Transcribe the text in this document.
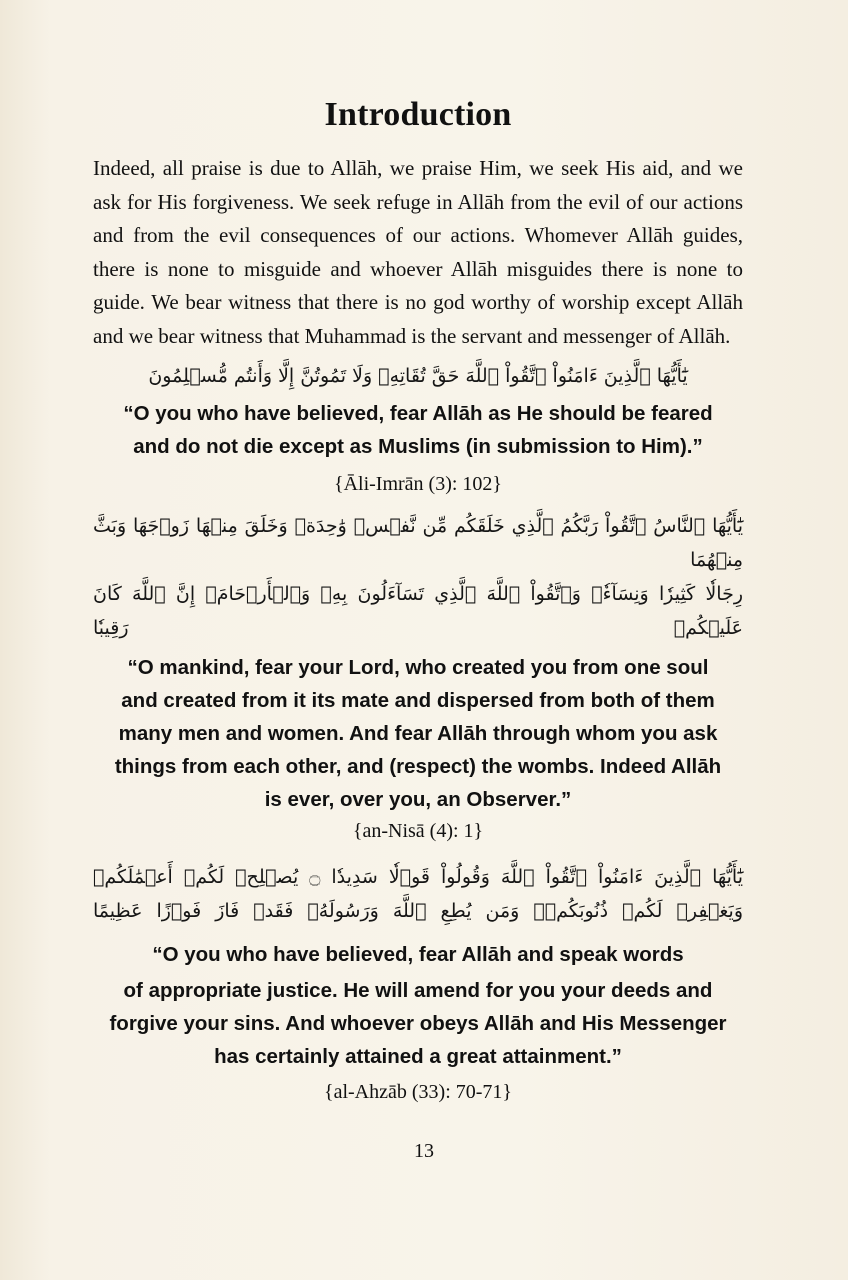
Introduction

Indeed, all praise is due to Allāh, we praise Him, we seek His aid, and we ask for His forgiveness. We seek refuge in Allāh from the evil of our actions and from the evil consequences of our actions. Whomever Allāh guides, there is none to misguide and whoever Allāh misguides there is none to guide. We bear witness that there is no god worthy of worship except Allāh and we bear witness that Muhammad is the servant and messenger of Allāh.

يَٰٓأَيُّهَا ٱلَّذِينَ ءَامَنُواْ ٱتَّقُواْ ٱللَّهَ حَقَّ تُقَاتِهِۦ وَلَا تَمُوتُنَّ إِلَّا وَأَنتُم مُّسۡلِمُونَ
“O you who have believed, fear Allāh as He should be feared
and do not die except as Muslims (in submission to Him).”
{Āli-Imrān (3): 102}
يَٰٓأَيُّهَا ٱلنَّاسُ ٱتَّقُواْ رَبَّكُمُ ٱلَّذِي خَلَقَكُم مِّن نَّفۡسٖ وَٰحِدَةٖ وَخَلَقَ مِنۡهَا زَوۡجَهَا وَبَثَّ مِنۡهُمَا
رِجَالٗا كَثِيرٗا وَنِسَآءٗۚ وَٱتَّقُواْ ٱللَّهَ ٱلَّذِي تَسَآءَلُونَ بِهِۦ وَٱلۡأَرۡحَامَۚ إِنَّ ٱللَّهَ كَانَ عَلَيۡكُمۡ رَقِيبٗا
“O mankind, fear your Lord, who created you from one soul
and created from it its mate and dispersed from both of them
many men and women. And fear Allāh through whom you ask
things from each other, and (respect) the wombs. Indeed Allāh
is ever, over you, an Observer.”
{an-Nisā (4): 1}
يَٰٓأَيُّهَا ٱلَّذِينَ ءَامَنُواْ ٱتَّقُواْ ٱللَّهَ وَقُولُواْ قَوۡلٗا سَدِيدٗا ۝ يُصۡلِحۡ لَكُمۡ أَعۡمَٰلَكُمۡ
وَيَغۡفِرۡ لَكُمۡ ذُنُوبَكُمۡۗ وَمَن يُطِعِ ٱللَّهَ وَرَسُولَهُۥ فَقَدۡ فَازَ فَوۡزًا عَظِيمًا
“O you who have believed, fear Allāh and speak words
of appropriate justice. He will amend for you your deeds and
forgive your sins. And whoever obeys Allāh and His Messenger
has certainly attained a great attainment.”
{al-Ahzāb (33): 70-71}
13
